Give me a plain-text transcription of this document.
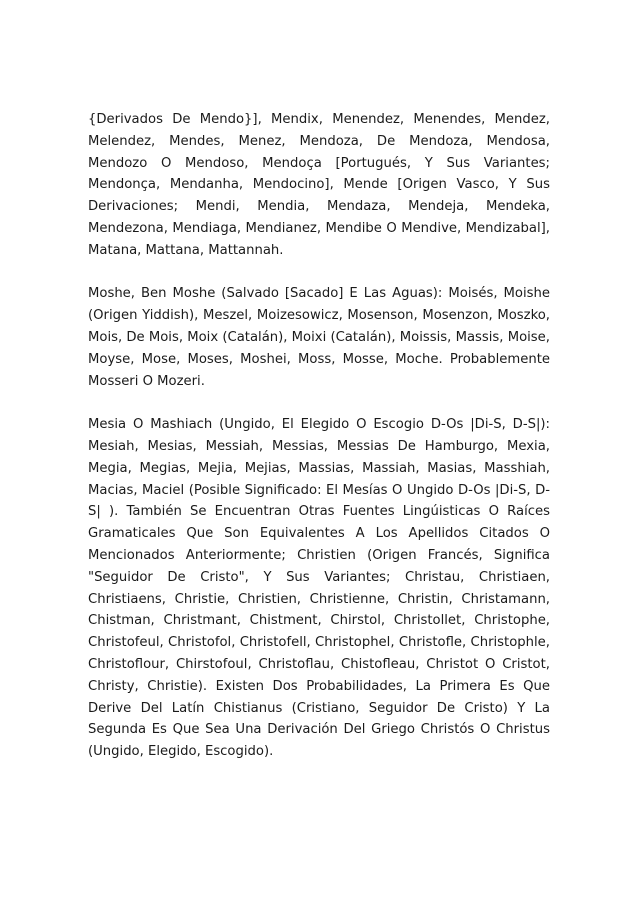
{Derivados De Mendo}], Mendix, Menendez, Menendes, Mendez, Melendez, Mendes, Menez, Mendoza, De Mendoza, Mendosa, Mendozo O Mendoso, Mendoça [Portugués, Y Sus Variantes; Mendonça, Mendanha, Mendocino], Mende [Origen Vasco, Y Sus Derivaciones; Mendi, Mendia, Mendaza, Mendeja, Mendeka, Mendezona, Mendiaga, Mendianez, Mendibe O Mendive, Mendizabal], Matana, Mattana, Mattannah.

Moshe, Ben Moshe (Salvado [Sacado] E Las Aguas): Moisés, Moishe (Origen Yiddish), Meszel, Moizesowicz, Mosenson, Mosenzon, Moszko, Mois, De Mois, Moix (Catalán), Moixi (Catalán), Moissis, Massis, Moise, Moyse, Mose, Moses, Moshei, Moss, Mosse, Moche. Probablemente Mosseri O Mozeri.

Mesia O Mashiach (Ungido, El Elegido O Escogio D-Os |Di-S, D-S|): Mesiah, Mesias, Messiah, Messias, Messias De Hamburgo, Mexia, Megia, Megias, Mejia, Mejias, Massias, Massiah, Masias, Masshiah, Macias, Maciel (Posible Significado: El Mesías O Ungido D-Os |Di-S, D-S| ). También Se Encuentran Otras Fuentes Lingúisticas O Raíces Gramaticales Que Son Equivalentes A Los Apellidos Citados O Mencionados Anteriormente; Christien (Origen Francés, Significa "Seguidor De Cristo", Y Sus Variantes; Christau, Christiaen, Christiaens, Christie, Christien, Christienne, Christin, Christamann, Chistman, Christmant, Chistment, Chirstol, Christollet, Christophe, Christofeul, Christofol, Christofell, Christophel, Christofle, Christophle, Christoflour, Chirstofoul, Christoflau, Chistofleau, Christot O Cristot, Christy, Christie). Existen Dos Probabilidades, La Primera Es Que Derive Del Latín Chistianus (Cristiano, Seguidor De Cristo) Y La Segunda Es Que Sea Una Derivación Del Griego Christós O Christus (Ungido, Elegido, Escogido).
